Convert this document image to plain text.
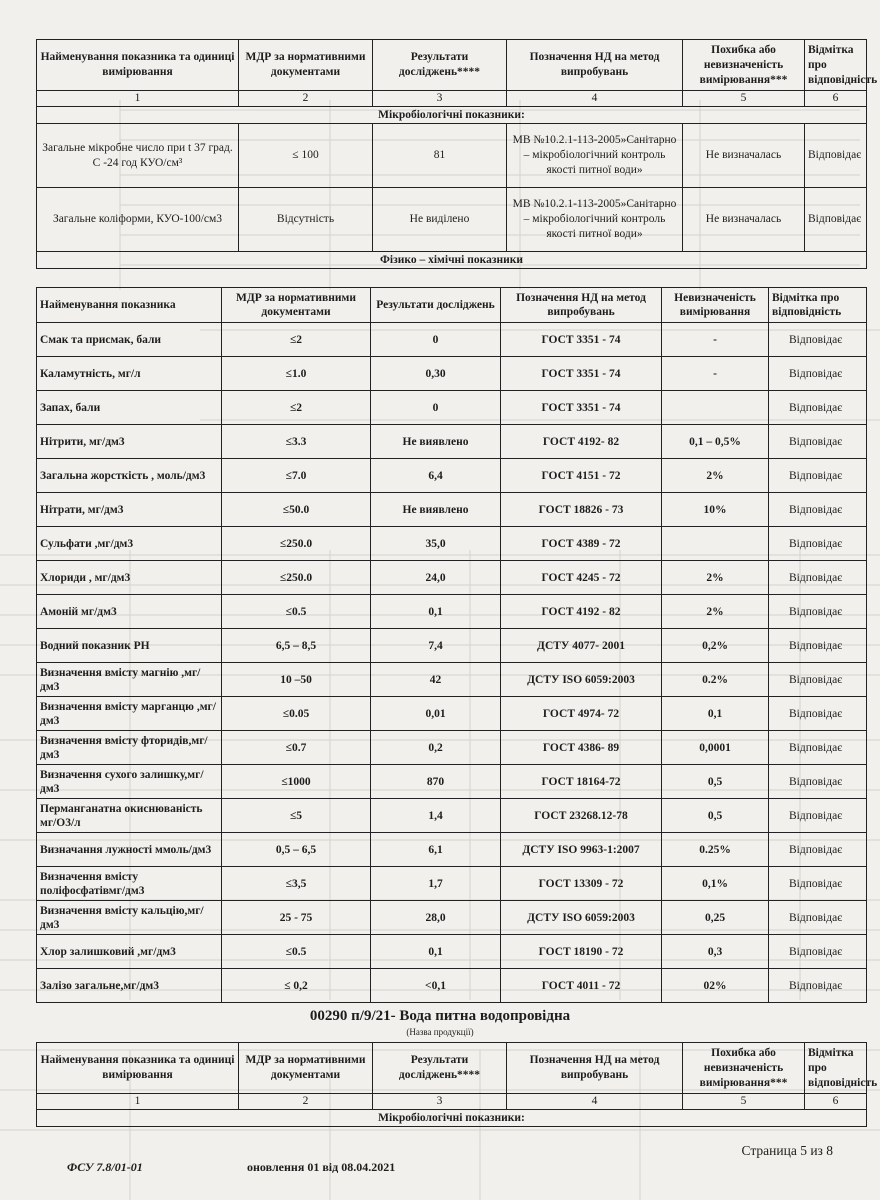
Найменування показника та одиниці вимірювання	МДР за нормативними документами	Результати досліджень****	Позначення НД на метод випробувань	Похибка або невизначеність вимірювання***	Відмітка про відповідність
1	2	3	4	5	6
Мікробіологічні показники:					
Загальне мікробне число при t 37 град. С -24 год КУО/см³	≤ 100	81	МВ №10.2.1-113-2005»Санітарно – мікробіологічний контроль якості питної води»	Не визначалась	Відповідає
Загальне коліформи, КУО-100/см3	Відсутність	Не виділено	МВ №10.2.1-113-2005»Санітарно – мікробіологічний контроль якості питної води»	Не визначалась	Відповідає
Фізико – хімічні показники					
Найменування показника	МДР за нормативними документами	Результати досліджень	Позначення НД на метод випробувань	Невизначеність вимірювання	Відмітка про відповідність
Смак та присмак, бали	≤2	0	ГОСТ 3351 - 74	-	Відповідає
Каламутність, мг/л	≤1.0	0,30	ГОСТ 3351 - 74	-	Відповідає
Запах, бали	≤2	0	ГОСТ 3351 - 74		Відповідає
Нітрити, мг/дм3	≤3.3	Не виявлено	ГОСТ 4192- 82	0,1 – 0,5%	Відповідає
Загальна жорсткість , моль/дм3	≤7.0	6,4	ГОСТ 4151 - 72	2%	Відповідає
Нітрати, мг/дм3	≤50.0	Не виявлено	ГОСТ 18826 - 73	10%	Відповідає
Сульфати ,мг/дм3	≤250.0	35,0	ГОСТ 4389 - 72		Відповідає
Хлориди , мг/дм3	≤250.0	24,0	ГОСТ 4245 - 72	2%	Відповідає
Амоній мг/дм3	≤0.5	0,1	ГОСТ 4192 - 82	2%	Відповідає
Водний показник РН	6,5 – 8,5	7,4	ДСТУ 4077- 2001	0,2%	Відповідає
Визначення вмісту магнію ,мг/дм3	10 –50	42	ДСТУ ISO 6059:2003	0.2%	Відповідає
Визначення вмісту марганцю ,мг/дм3	≤0.05	0,01	ГОСТ 4974- 72	0,1	Відповідає
Визначення вмісту фторидів,мг/дм3	≤0.7	0,2	ГОСТ 4386- 89	0,0001	Відповідає
Визначення сухого залишку,мг/дм3	≤1000	870	ГОСТ 18164-72	0,5	Відповідає
Перманганатна окиснюваність мг/О3/л	≤5	1,4	ГОСТ 23268.12-78	0,5	Відповідає
Визначання лужності ммоль/дм3	0,5 – 6,5	6,1	ДСТУ ISO 9963-1:2007	0.25%	Відповідає
Визначення вмісту поліфосфатівмг/дм3	≤3,5	1,7	ГОСТ 13309 - 72	0,1%	Відповідає
Визначення вмісту кальцію,мг/дм3	25 - 75	28,0	ДСТУ ISO 6059:2003	0,25	Відповідає
Хлор залишковий ,мг/дм3	≤0.5	0,1	ГОСТ 18190 - 72	0,3	Відповідає
Залізо загальне,мг/дм3	≤ 0,2	<0,1	ГОСТ 4011 - 72	02%	Відповідає
00290 п/9/21- Вода питна водопровідна
(Назва продукції)
Найменування показника та одиниці вимірювання	МДР за нормативними документами	Результати досліджень****	Позначення НД на метод випробувань	Похибка або невизначеність вимірювання***	Відмітка про відповідність
1	2	3	4	5	6
Мікробіологічні показники:					
Страница 5 из 8
ФСУ 7.8/01-01	оновлення 01 від 08.04.2021
